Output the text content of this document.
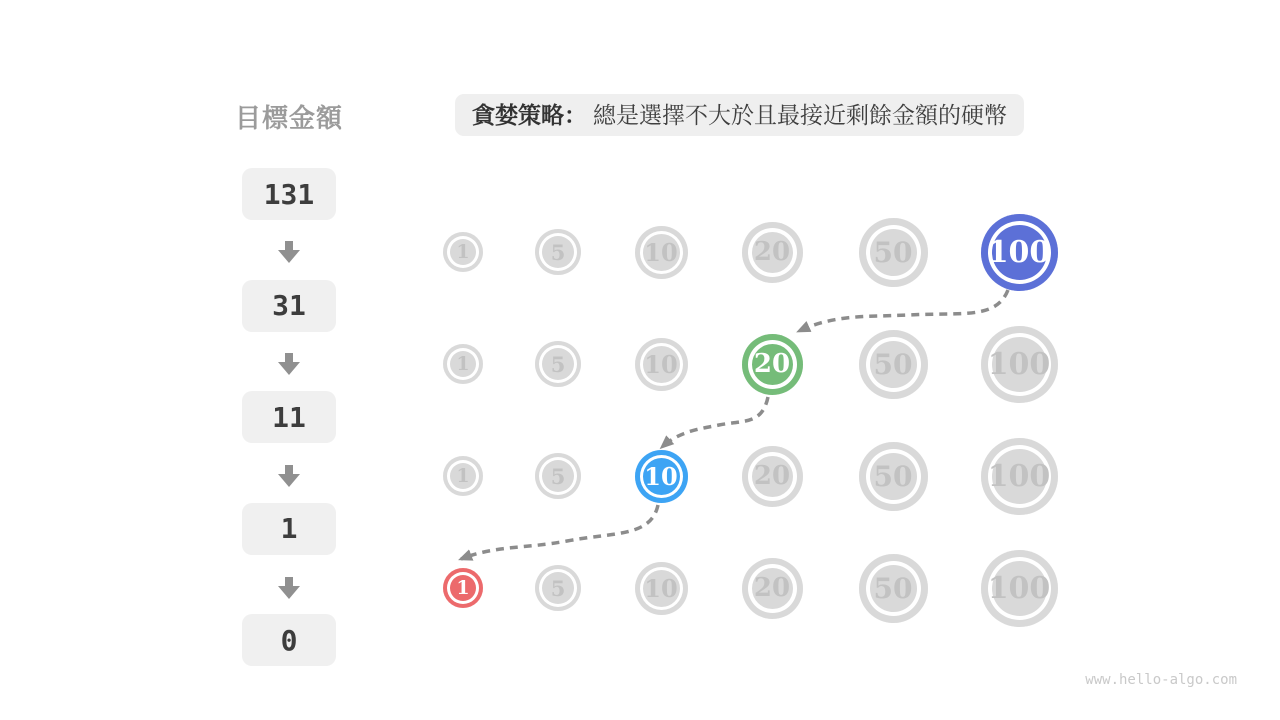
目標金額	貪婪策略： 總是選擇不大於且最接近剩餘金額的硬幣
131
31
11
1
0
1	5	10	20	50	100
1	5	10	20	50	100
1	5	10	20	50	100
1	5	10	20	50	100
www.hello-algo.com
